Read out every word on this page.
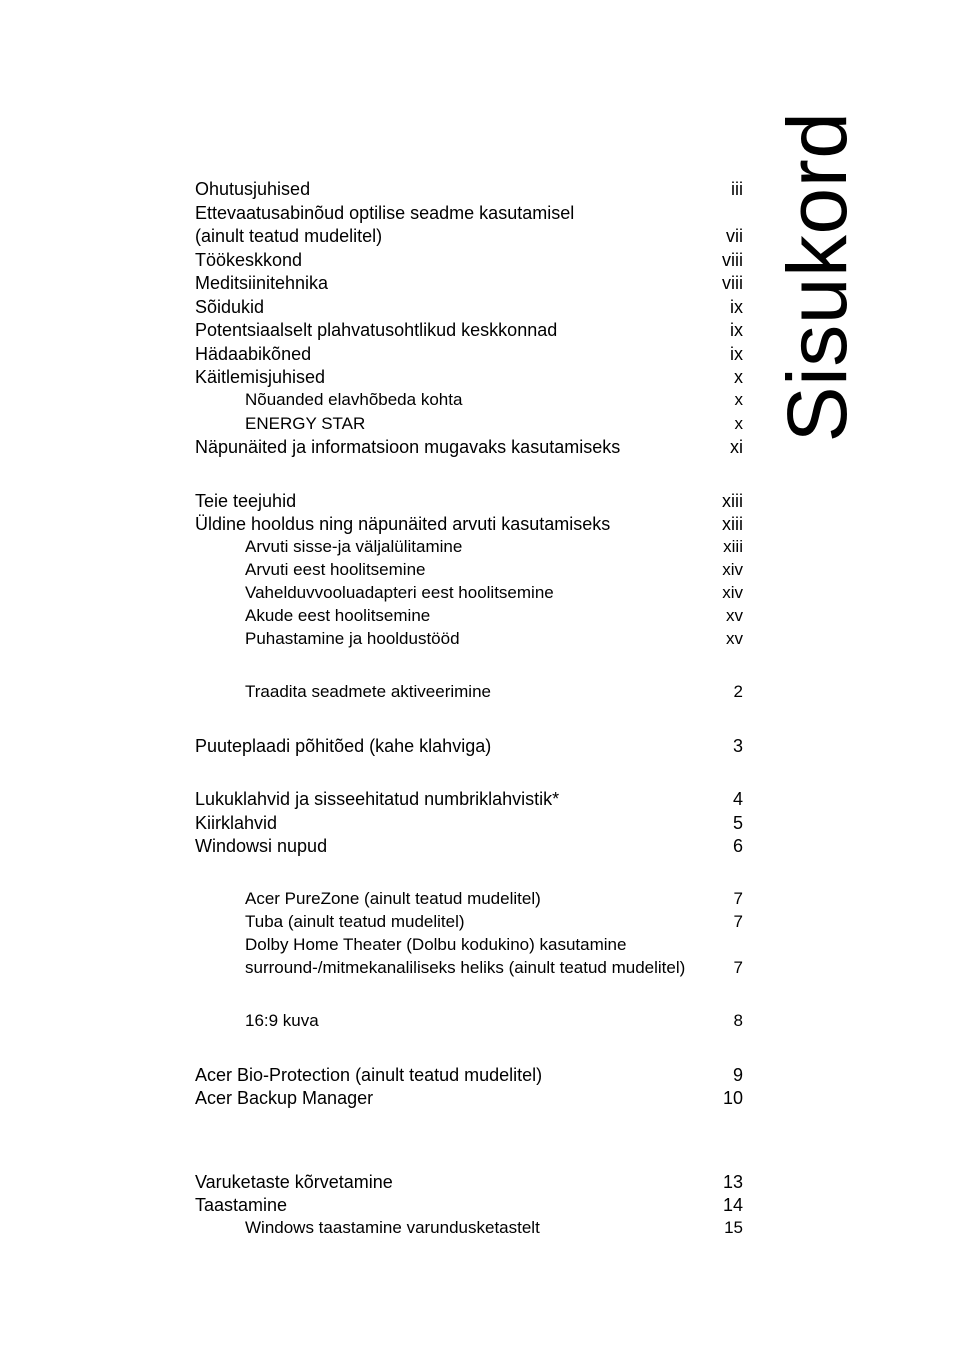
Sisukord
Ohutusjuhised	iii
Ettevaatusabinõud optilise seadme kasutamisel
(ainult teatud mudelitel)	vii
Töökeskkond	viii
Meditsiinitehnika	viii
Sõidukid	ix
Potentsiaalselt plahvatusohtlikud keskkonnad	ix
Hädaabikõned	ix
Käitlemisjuhised	x
Nõuanded elavhõbeda kohta	x
ENERGY STAR	x
Näpunäited ja informatsioon mugavaks kasutamiseks	xi
Teie teejuhid	xiii
Üldine hooldus ning näpunäited arvuti kasutamiseks	xiii
Arvuti sisse-ja väljalülitamine	xiii
Arvuti eest hoolitsemine	xiv
Vahelduvvooluadapteri eest hoolitsemine	xiv
Akude eest hoolitsemine	xv
Puhastamine ja hooldustööd	xv
Traadita seadmete aktiveerimine	2
Puuteplaadi põhitõed (kahe klahviga)	3
Lukuklahvid ja sisseehitatud numbriklahvistik*	4
Kiirklahvid	5
Windowsi nupud	6
Acer PureZone (ainult teatud mudelitel)	7
Tuba (ainult teatud mudelitel)	7
Dolby Home Theater (Dolbu kodukino) kasutamine
surround-/mitmekanaliliseks heliks (ainult teatud mudelitel)	7
16:9 kuva	8
Acer Bio-Protection (ainult teatud mudelitel)	9
Acer Backup Manager	10
Varuketaste kõrvetamine	13
Taastamine	14
Windows taastamine varundusketastelt	15
